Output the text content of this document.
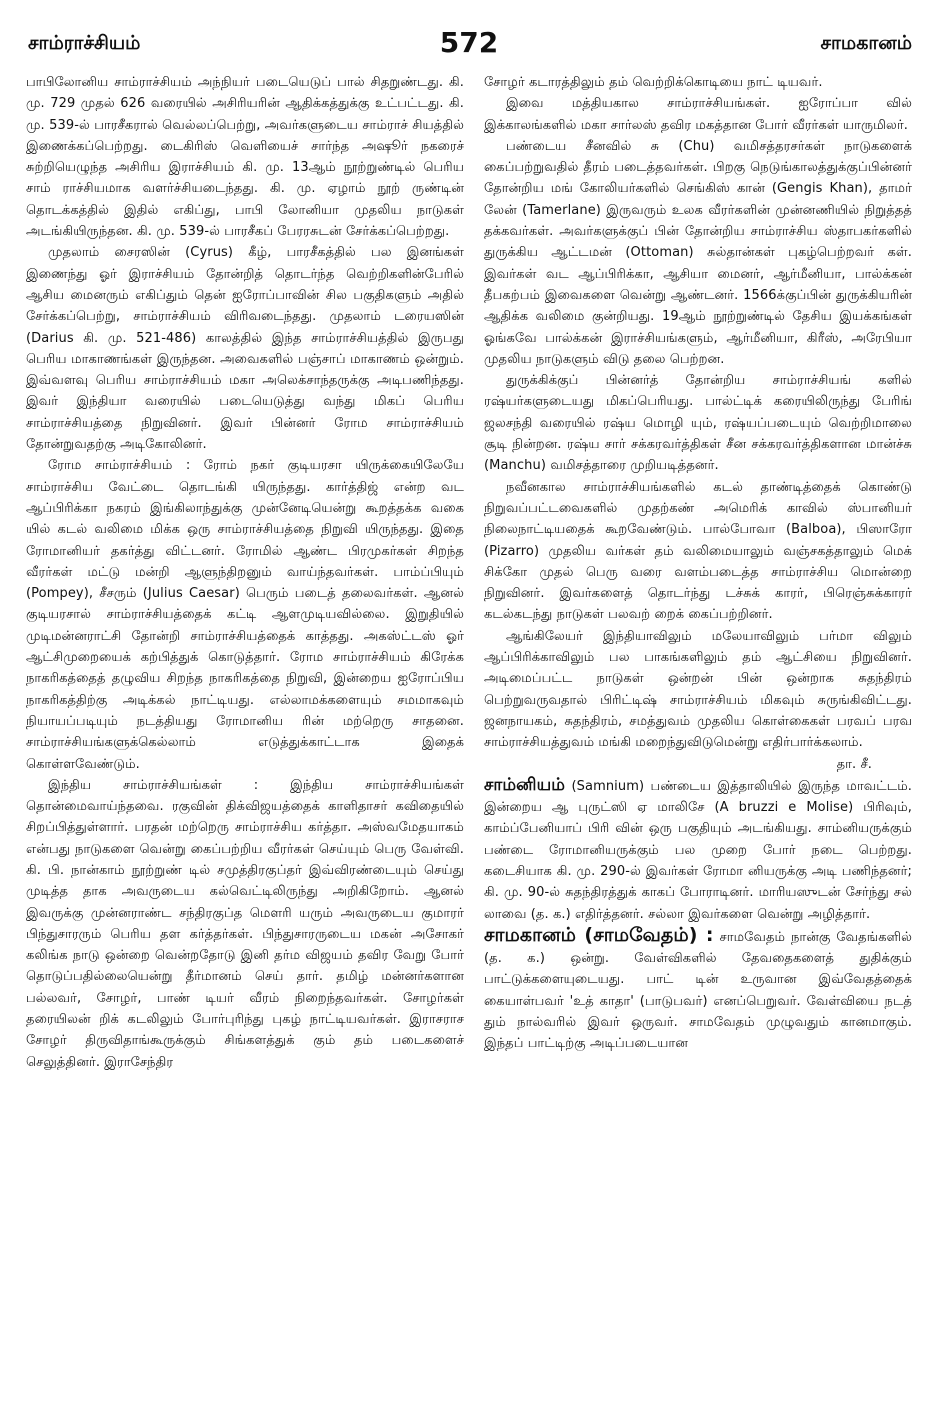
சாம்ராச்சியம்	572	சாமகானம்

பாபிலோனிய சாம்ராச்சியம் அந்நியர் படையெடுப் பால் சிதறுண்டது. கி. மு. 729 முதல் 626 வரையில் அசிரியரின் ஆதிக்கத்துக்கு உட்பட்டது. கி. மு. 539-ல் பாரசீகரால் வெல்லப்பெற்று, அவர்களுடைய சாம்ராச் சியத்தில் இணைக்கப்பெற்றது. டைகிரிஸ் வெளியைச் சார்ந்த அஷூர் நகரைச் சுற்றியெழுந்த அசிரிய இராச்சியம் கி. மு. 13ஆம் நூற்றுண்டில் பெரிய சாம் ராச்சியமாக வளர்ச்சியடைந்தது. கி. மு. ஏழாம் நூற் ருண்டின் தொடக்கத்தில் இதில் எகிப்து, பாபி லோனியா முதலிய நாடுகள் அடங்கியிருந்தன. கி. மு. 539-ல் பாரசீகப் பேரரசுடன் சேர்க்கப்பெற்றது.

முதலாம் சைரஸின் (Cyrus) கீழ், பாரசீகத்தில் பல இனங்கள் இணைந்து ஓர் இராச்சியம் தோன்றித் தொடர்ந்த வெற்றிகளின்பேரில் ஆசிய மைனரும் எகிப்தும் தென் ஐரோப்பாவின் சில பகுதிகளும் அதில் சேர்க்கப்பெற்று, சாம்ராச்சியம் விரிவடைந்தது. முதலாம் டரையஸின் (Darius கி. மு. 521-486) காலத்தில் இந்த சாம்ராச்சியத்தில் இருபது பெரிய மாகாணங்கள் இருந்தன. அவைகளில் பஞ்சாப் மாகாணம் ஒன்றும். இவ்வளவு பெரிய சாம்ராச்சியம் மகா அலெக்சாந்தருக்கு அடிபணிந்தது. இவர் இந்தியா வரையில் படையெடுத்து வந்து மிகப் பெரிய சாம்ராச்சியத்தை நிறுவினர். இவர் பின்னர் ரோம சாம்ராச்சியம் தோன்றுவதற்கு அடிகோலினர்.

ரோம சாம்ராச்சியம் : ரோம் நகர் குடியரசா யிருக்கையிலேயே சாம்ராச்சிய வேட்டை தொடங்கி யிருந்தது. கார்த்திஜ் என்ற வட ஆப்பிரிக்கா நகரம் இங்கிலாந்துக்கு முன்னேடியென்று கூறத்தக்க வகை யில் கடல் வலிமை மிக்க ஒரு சாம்ராச்சியத்தை நிறுவி யிருந்தது. இதை ரோமானியர் தகர்த்து விட்டனர். ரோமில் ஆண்ட பிரமுகர்கள் சிறந்த வீரர்கள் மட்டு மன்றி ஆளுந்திறனும் வாய்ந்தவர்கள். பாம்ப்பியும் (Pompey), சீசரும் (Julius Caesar) பெரும் படைத் தலைவர்கள். ஆனல் குடியரசால் சாம்ராச்சியத்தைக் கட்டி ஆளமுடியவில்லை. இறுதியில் முடிமன்னராட்சி தோன்றி சாம்ராச்சியத்தைக் காத்தது. அகஸ்ட்டஸ் ஓர் ஆட்சிமுறையைக் கற்பித்துக் கொடுத்தார். ரோம சாம்ராச்சியம் கிரேக்க நாகரிகத்தைத் தழுவிய சிறந்த நாகரிகத்தை நிறுவி, இன்றைய ஐரோப்பிய நாகரிகத்திற்கு அடிக்கல் நாட்டியது. எல்லாமக்களையும் சமமாகவும் நியாயப்படியும் நடத்தியது ரோமானிய ரின் மற்றெரு சாதனை. சாம்ராச்சியங்களுக்கெல்லாம் எடுத்துக்காட்டாக இதைக் கொள்ளவேண்டும்.

இந்திய சாம்ராச்சியங்கள் : இந்திய சாம்ராச்சியங்கள் தொன்மைவாய்ந்தவை. ரகுவின் திக்விஜயத்தைக் காளிதாசர் கவிதையில் சிறப்பித்துள்ளார். பரதன் மற்றெரு சாம்ராச்சிய கர்த்தா. அஸ்வமேதயாகம் என்பது நாடுகளை வென்று கைப்பற்றிய வீரர்கள் செய்யும் பெரு வேள்வி. கி. பி. நான்காம் நூற்றுண் டில் சமுத்திரகுப்தர் இவ்விரண்டையும் செய்து முடித்த தாக அவருடைய கல்வெட்டிலிருந்து அறிகிறோம். ஆனல் இவருக்கு முன்னராண்ட சந்திரகுப்த மௌரி யரும் அவருடைய குமாரர் பிந்துசாரரும் பெரிய தள கர்த்தர்கள். பிந்துசாரருடைய மகன் அசோகர் கலிங்க நாடு ஒன்றை வென்றதோடு இனி தர்ம விஜயம் தவிர வேறு போர் தொடுப்பதில்லையென்று தீர்மானம் செய் தார். தமிழ் மன்னர்களான பல்லவர், சோழர், பாண் டியர் வீரம் நிறைந்தவர்கள். சோழர்கள் தரையிலன் றிக் கடலிலும் போர்புரிந்து புகழ் நாட்டியவர்கள். இராசராச சோழர் திருவிதாங்கூருக்கும் சிங்களத்துக் கும் தம் படைகளைச் செலுத்தினர். இராசேந்திர

சோழர் கடாரத்திலும் தம் வெற்றிக்கொடியை நாட் டியவர்.

இவை மத்தியகால சாம்ராச்சியங்கள். ஐரோப்பா வில் இக்காலங்களில் மகா சார்லஸ் தவிர மகத்தான போர் வீரர்கள் யாருமிலர்.

பண்டைய சீனவில் சு (Chu) வமிசத்தரசர்கள் நாடுகளைக் கைப்பற்றுவதில் தீரம் படைத்தவர்கள். பிறகு நெடுங்காலத்துக்குப்பின்னர் தோன்றிய மங் கோலியர்களில் செங்கிஸ் கான் (Gengis Khan), தாமர் லேன் (Tamerlane) இருவரும் உலக வீரர்களின் முன்னணியில் நிறுத்தத் தக்கவர்கள். அவர்களுக்குப் பின் தோன்றிய சாம்ராச்சிய ஸ்தாபகர்களில் துருக்கிய ஆட்டமன் (Ottoman) சுல்தான்கள் புகழ்பெற்றவர் கள். இவர்கள் வட ஆப்பிரிக்கா, ஆசியா மைனர், ஆர்மீனியா, பால்க்கன் தீபகற்பம் இவைகளை வென்று ஆண்டனர். 1566க்குப்பின் துருக்கியரின் ஆதிக்க வலிமை குன்றியது. 19ஆம் நூற்றுண்டில் தேசிய இயக்கங்கள் ஓங்கவே பால்க்கன் இராச்சியங்களும், ஆர்மீனியா, கிரீஸ், அரேபியா முதலிய நாடுகளும் விடு தலை பெற்றன.

துருக்கிக்குப் பின்னர்த் தோன்றிய சாம்ராச்சியங் களில் ரஷ்யர்களுடையது மிகப்பெரியது. பால்ட்டிக் கரையிலிருந்து பேரிங் ஜலசந்தி வரையில் ரஷ்ய மொழி யும், ரஷ்யப்படையும் வெற்றிமாலை சூடி நின்றன. ரஷ்ய சார் சக்கரவர்த்திகள் சீன சக்கரவர்த்திகளான மான்ச்சு (Manchu) வமிசத்தாரை முறியடித்தனர்.

நவீனகால சாம்ராச்சியங்களில் கடல் தாண்டித்தைக் கொண்டு நிறுவப்பட்டவைகளில் முதற்கண் அமெரிக் காவில் ஸ்பானியர் நிலைநாட்டியதைக் கூறவேண்டும். பால்போவா (Balboa), பிஸாரோ (Pizarro) முதலிய வர்கள் தம் வலிமையாலும் வஞ்சகத்தாலும் மெக் சிக்கோ முதல் பெரு வரை வளம்படைத்த சாம்ராச்சிய மொன்றை நிறுவினர். இவர்களைத் தொடர்ந்து டச்சுக் காரர், பிரெஞ்சுக்காரர் கடல்கடந்து நாடுகள் பலவற் றைக் கைப்பற்றினர்.

ஆங்கிலேயர் இந்தியாவிலும் மலேயாவிலும் பர்மா விலும் ஆப்பிரிக்காவிலும் பல பாகங்களிலும் தம் ஆட்சியை நிறுவினர். அடிமைப்பட்ட நாடுகள் ஒன்றன் பின் ஒன்றாக சுதந்திரம் பெற்றுவருவதால் பிரிட்டிஷ் சாம்ராச்சியம் மிகவும் சுருங்கிவிட்டது. ஜனநாயகம், சுதந்திரம், சமத்துவம் முதலிய கொள்கைகள் பரவப் பரவ சாம்ராச்சியத்துவம் மங்கி மறைந்துவிடுமென்று எதிர்பார்க்கலாம்.

தா. சீ.

சாம்னியம் (Samnium) பண்டைய இத்தாலியில் இருந்த மாவட்டம். இன்றைய ஆ புருட்ஸி ஏ மாலிசே (A bruzzi e Molise) பிரிவும், காம்ப்பேனியாப் பிரி வின் ஒரு பகுதியும் அடங்கியது. சாம்னியருக்கும் பண்டை ரோமானியருக்கும் பல முறை போர் நடை பெற்றது. கடைசியாக கி. மு. 290-ல் இவர்கள் ரோமா னியருக்கு அடி பணிந்தனர்; கி. மு. 90-ல் சுதந்திரத்துக் காகப் போராடினர். மாரியஸுடன் சேர்ந்து சல் லாவை (த. க.) எதிர்த்தனர். சல்லா இவர்களை வென்று அழித்தார்.

சாமகானம் (சாமவேதம்) : சாமவேதம் நான்கு வேதங்களில் (த. க.) ஒன்று. வேள்விகளில் தேவதைகளைத் துதிக்கும் பாட்டுக்களையுடையது. பாட் டின் உருவான இவ்வேதத்தைக் கையாள்பவர் 'உத் காதா' (பாடுபவர்) எனப்பெறுவர். வேள்வியை நடத் தும் நால்வரில் இவர் ஒருவர். சாமவேதம் முழுவதும் கானமாகும். இந்தப் பாட்டிற்கு அடிப்படையான
